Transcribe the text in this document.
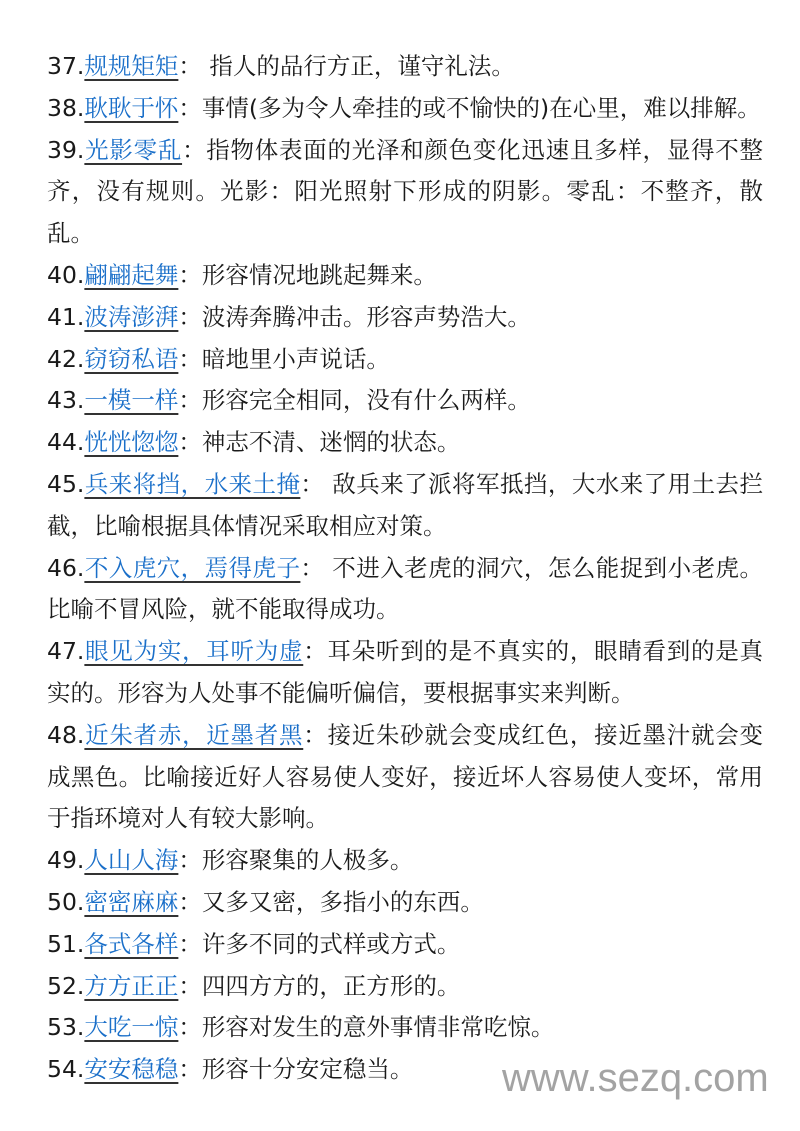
37.规规矩矩： 指人的品行方正，谨守礼法。

38.耿耿于怀：事情(多为令人牵挂的或不愉快的)在心里，难以排解。

39.光影零乱：指物体表面的光泽和颜色变化迅速且多样，显得不整齐，没有规则。光影：阳光照射下形成的阴影。零乱：不整齐，散乱。

40.翩翩起舞：形容情况地跳起舞来。

41.波涛澎湃：波涛奔腾冲击。形容声势浩大。

42.窃窃私语：暗地里小声说话。

43.一模一样：形容完全相同，没有什么两样。

44.恍恍惚惚：神志不清、迷惘的状态。

45.兵来将挡，水来土掩： 敌兵来了派将军抵挡，大水来了用土去拦截，比喻根据具体情况采取相应对策。

46.不入虎穴，焉得虎子： 不进入老虎的洞穴，怎么能捉到小老虎。比喻不冒风险，就不能取得成功。

47.眼见为实，耳听为虚：耳朵听到的是不真实的，眼睛看到的是真实的。形容为人处事不能偏听偏信，要根据事实来判断。

48.近朱者赤，近墨者黑：接近朱砂就会变成红色，接近墨汁就会变成黑色。比喻接近好人容易使人变好，接近坏人容易使人变坏，常用于指环境对人有较大影响。

49.人山人海：形容聚集的人极多。

50.密密麻麻：又多又密，多指小的东西。

51.各式各样：许多不同的式样或方式。

52.方方正正：四四方方的，正方形的。

53.大吃一惊：形容对发生的意外事情非常吃惊。

54.安安稳稳：形容十分安定稳当。	www.sezq.com
